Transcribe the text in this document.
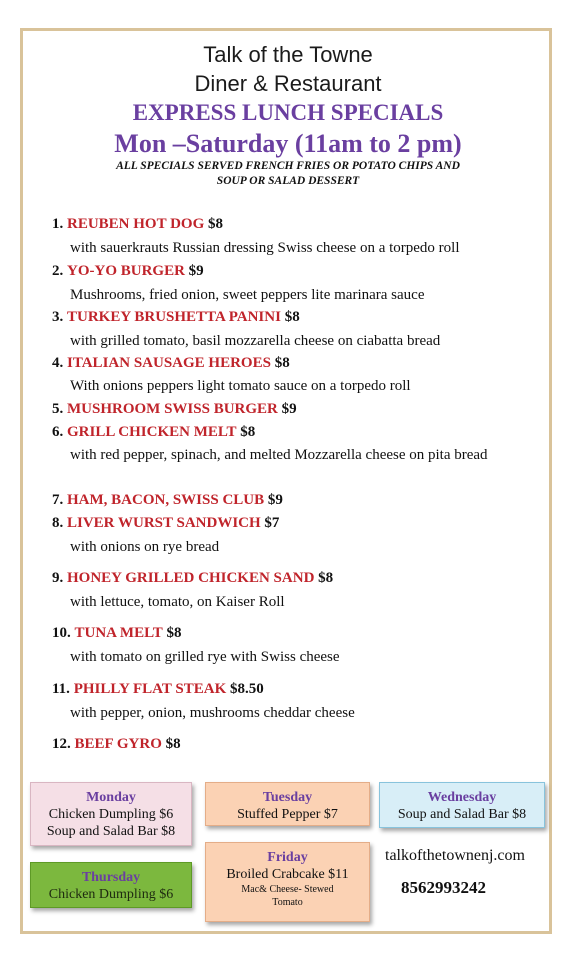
Talk of the Towne
Diner & Restaurant
EXPRESS LUNCH SPECIALS
Mon –Saturday (11am to 2 pm)
ALL SPECIALS SERVED FRENCH FRIES OR POTATO CHIPS AND
SOUP OR SALAD DESSERT
1. REUBEN HOT DOG $8
with sauerkrauts Russian dressing Swiss cheese on a torpedo roll
2. YO-YO BURGER $9
Mushrooms, fried onion, sweet peppers lite marinara sauce
3. TURKEY BRUSHETTA PANINI $8
with grilled tomato, basil mozzarella cheese on ciabatta bread
4. ITALIAN SAUSAGE HEROES $8
With onions peppers light tomato sauce on a torpedo roll
5. MUSHROOM SWISS BURGER $9
6. GRILL CHICKEN MELT $8
with red pepper, spinach, and melted Mozzarella cheese on pita bread
7. HAM, BACON, SWISS CLUB $9
8. LIVER WURST SANDWICH $7
with onions on rye bread
9. HONEY GRILLED CHICKEN SAND $8
with lettuce, tomato, on Kaiser Roll
10. TUNA MELT $8
with tomato on grilled rye with Swiss cheese
11. PHILLY FLAT STEAK $8.50
with pepper, onion, mushrooms cheddar cheese
12. BEEF GYRO $8
Monday
Chicken Dumpling $6
Soup and Salad Bar $8
Tuesday
Stuffed Pepper $7
Wednesday
Soup and Salad Bar $8
Thursday
Chicken Dumpling $6
Friday
Broiled Crabcake $11
Mac& Cheese- Stewed
Tomato
talkofthetownenj.com
8562993242
